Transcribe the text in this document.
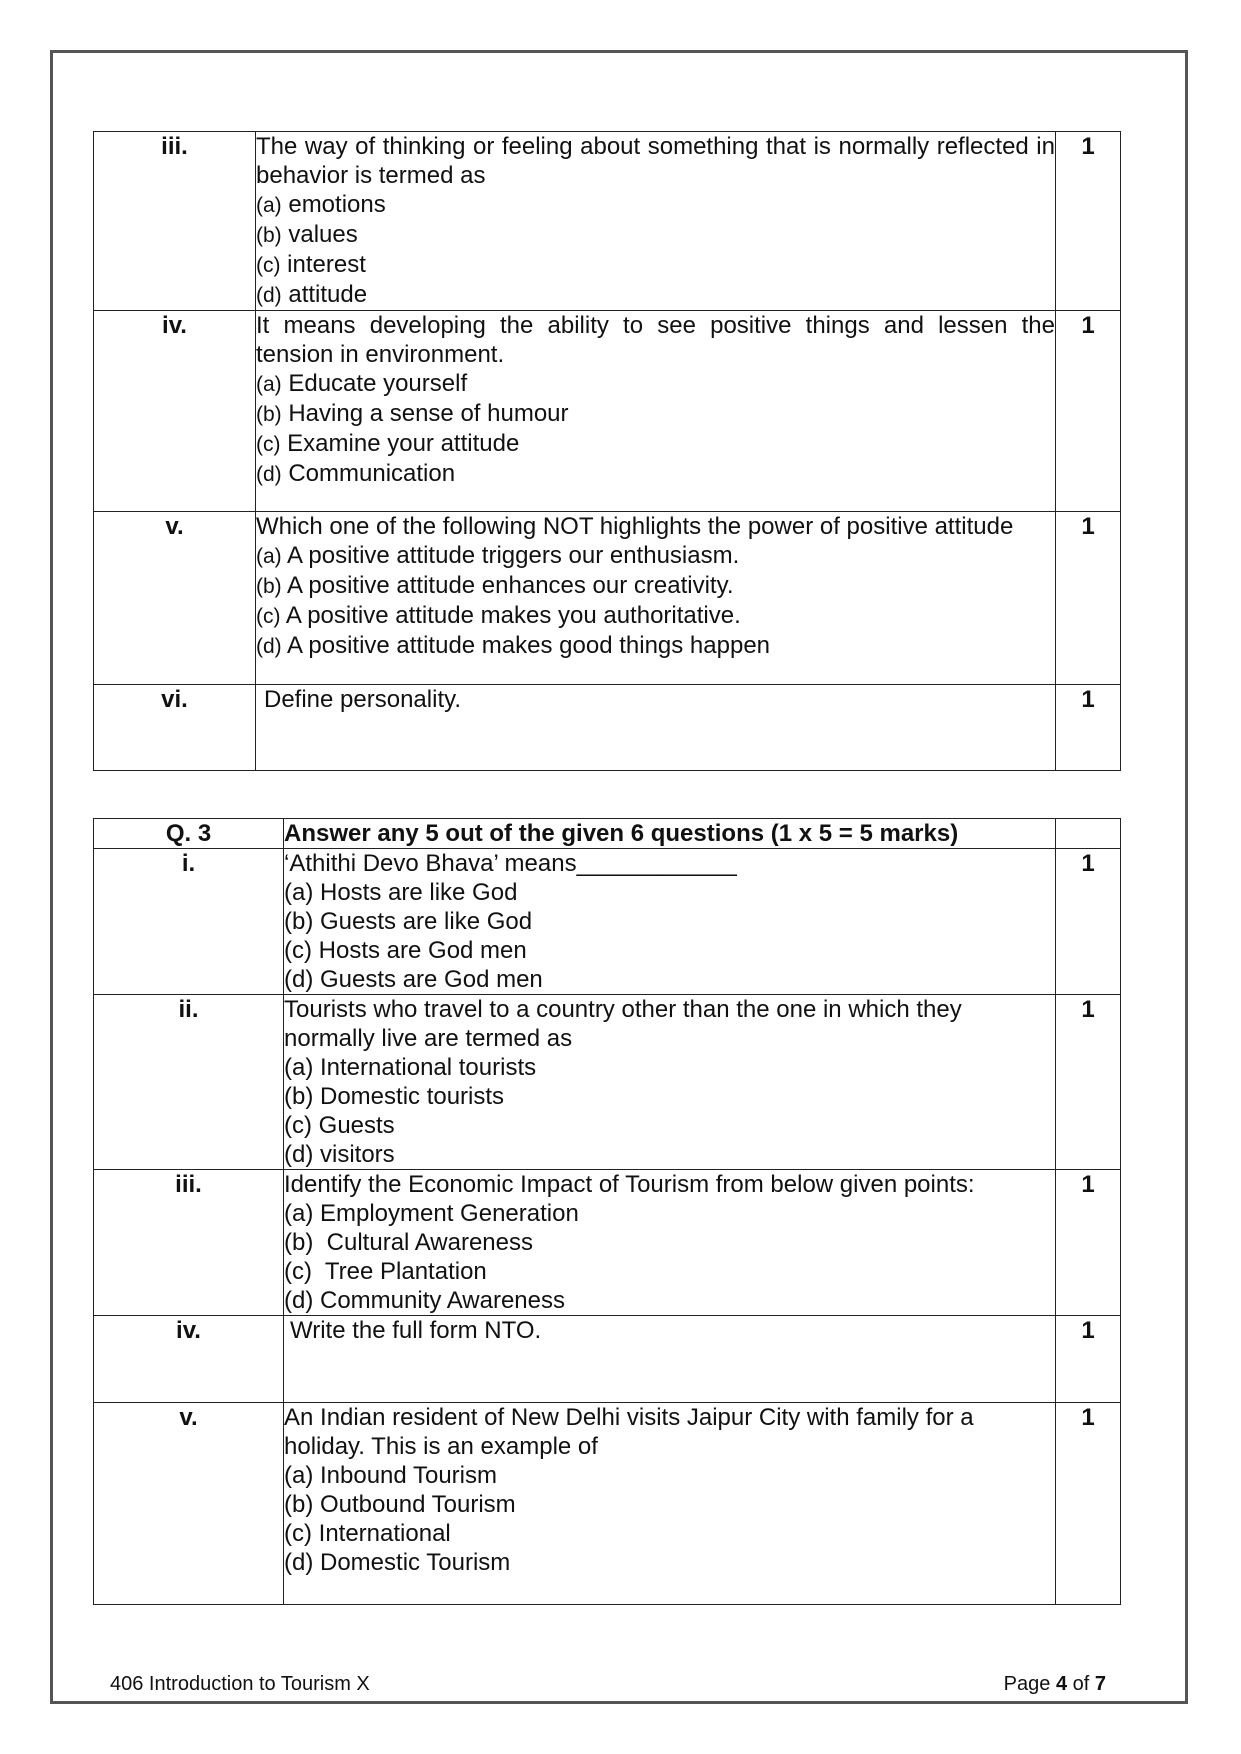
iii.	The way of thinking or feeling about something that is normally reflected in behavior is termed as
(a) emotions
(b) values
(c) interest
(d) attitude	1
iv.	It means developing the ability to see positive things and lessen the tension in environment.
(a) Educate yourself
(b) Having a sense of humour
(c) Examine your attitude
(d) Communication	1
v.	Which one of the following NOT highlights the power of positive attitude
(a) A positive attitude triggers our enthusiasm.
(b) A positive attitude enhances our creativity.
(c) A positive attitude makes you authoritative.
(d) A positive attitude makes good things happen	1
vi.	Define personality.	1
Q. 3	Answer any 5 out of the given 6 questions (1 x 5 = 5 marks)	
i.	‘Athithi Devo Bhava’ means____________
(a) Hosts are like God
(b) Guests are like God
(c) Hosts are God men
(d) Guests are God men	1
ii.	Tourists who travel to a country other than the one in which they normally live are termed as
(a) International tourists
(b) Domestic tourists
(c) Guests
(d) visitors	1
iii.	Identify the Economic Impact of Tourism from below given points:
(a) Employment Generation
(b)  Cultural Awareness
(c)  Tree Plantation
(d) Community Awareness	1
iv.	Write the full form NTO.	1
v.	An Indian resident of New Delhi visits Jaipur City with family for a holiday. This is an example of
(a) Inbound Tourism
(b) Outbound Tourism
(c) International
(d) Domestic Tourism	1
406 Introduction to Tourism X	Page 4 of 7
